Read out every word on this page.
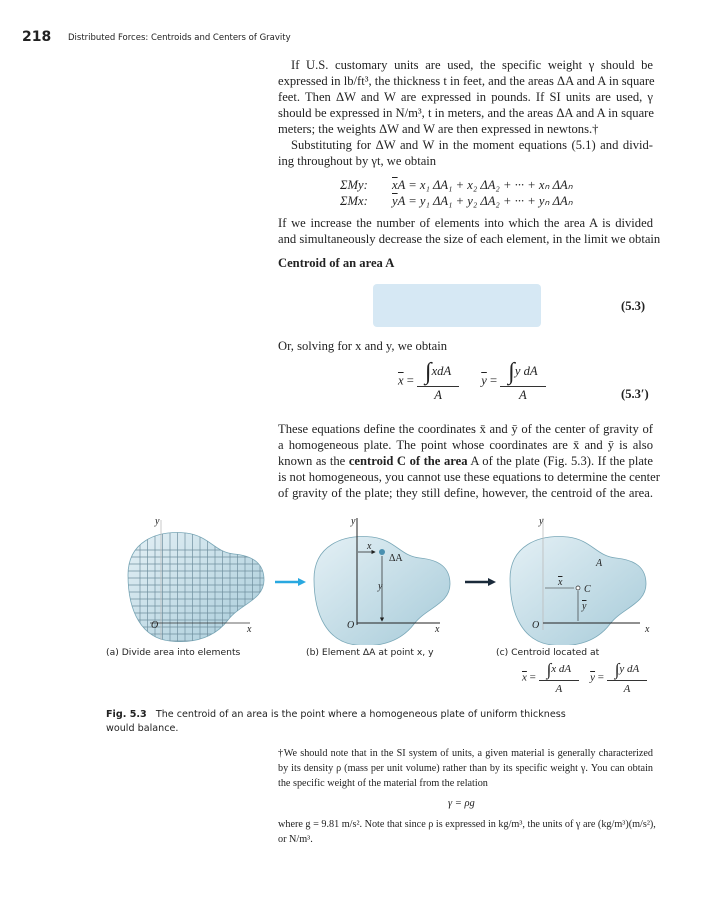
218 Distributed Forces: Centroids and Centers of Gravity
If U.S. customary units are used, the specific weight γ should be
expressed in lb/ft³, the thickness t in feet, and the areas ΔA and A in square
feet. Then ΔW and W are expressed in pounds. If SI units are used, γ
should be expressed in N/m³, t in meters, and the areas ΔA and A in square
meters; the weights ΔW and W are then expressed in newtons.†
Substituting for ΔW and W in the moment equations (5.1) and divid-
ing throughout by γt, we obtain
ΣMy: $\overline{x}A = x_1$ ΔA₁ + x₂ ΔA₂ + ··· + xₙ ΔAₙ
ΣMx: $\overline{y}A = y_1$ ΔA₁ + y₂ ΔA₂ + ··· + yₙ ΔAₙ
If we increase the number of elements into which the area A is divided
and simultaneously decrease the size of each element, in the limit we obtain
Centroid of an area A
(5.3)
Or, solving for x and y, we obtain
$\overline{x} = \frac{\text{∫xdA}}{A} \overline{y} = \frac{\text{∫y dA}}{A}$	(5.3′)
These equations define the coordinates x̄ and ȳ of the center of gravity of
a homogeneous plate. The point whose coordinates are x̄ and ȳ is also
known as the centroid C of the area A of the plate (Fig. 5.3). If the plate
is not homogeneous, you cannot use these equations to determine the center
of gravity of the plate; they still define, however, the centroid of the area.
y
O	x
y
x
ΔA
y
O	x
y
A
x
C
y
O	x
(a) Divide area into elements	(b) Element ΔA at point x, y	(c) Centroid located at
$\overline{x} = \frac{\text{∫x dA}}{A} \overline{y} = \frac{\text{∫y dA}}{A}$
Fig. 5.3 The centroid of an area is the point where a homogeneous plate of uniform thickness
would balance.
†We should note that in the SI system of units, a given material is generally characterized
by its density ρ (mass per unit volume) rather than by its specific weight γ. You can obtain
the specific weight of the material from the relation
γ = ρg
where g = 9.81 m/s². Note that since ρ is expressed in kg/m³, the units of γ are (kg/m³)(m/s²),
or N/m³.
